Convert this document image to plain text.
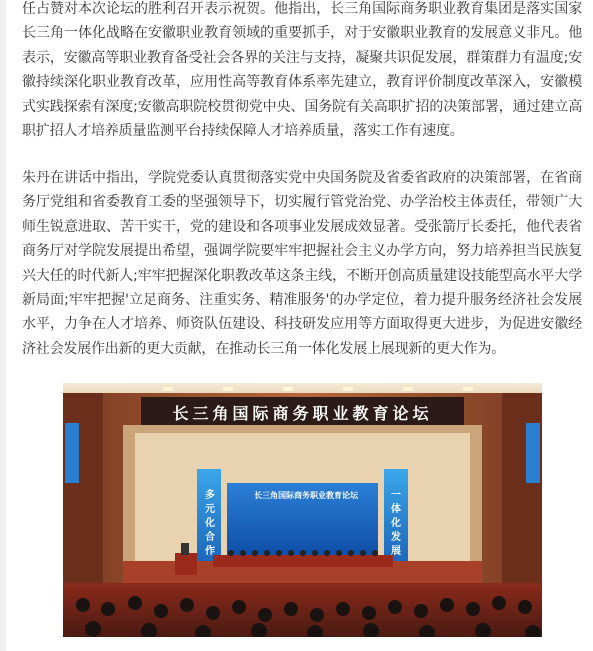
任占赞对本次论坛的胜利召开表示祝贺。他指出，长三角国际商务职业教育集团是落实国家长三角一体化战略在安徽职业教育领域的重要抓手，对于安徽职业教育的发展意义非凡。他表示，安徽高等职业教育备受社会各界的关注与支持，凝聚共识促发展，群策群力有温度;安徽持续深化职业教育改革，应用性高等教育体系率先建立，教育评价制度改革深入，安徽模式实践探索有深度;安徽高职院校贯彻党中央、国务院有关高职扩招的决策部署，通过建立高职扩招人才培养质量监测平台持续保障人才培养质量，落实工作有速度。

朱丹在讲话中指出，学院党委认真贯彻落实党中央国务院及省委省政府的决策部署，在省商务厅党组和省委教育工委的坚强领导下，切实履行管党治党、办学治校主体责任，带领广大师生锐意进取、苦干实干，党的建设和各项事业发展成效显著。受张箭厅长委托，他代表省商务厅对学院发展提出希望，强调学院要牢牢把握社会主义办学方向，努力培养担当民族复兴大任的时代新人;牢牢把握深化职教改革这条主线，不断开创高质量建设技能型高水平大学新局面;牢牢把握'立足商务、注重实务、精准服务'的办学定位，着力提升服务经济社会发展水平，力争在人才培养、师资队伍建设、科技研发应用等方面取得更大进步，为促进安徽经济社会发展作出新的更大贡献，在推动长三角一体化发展上展现新的更大作为。

长三角国际商务职业教育论坛
长三角国际商务职业教育论坛
多元化合作
一体化发展
